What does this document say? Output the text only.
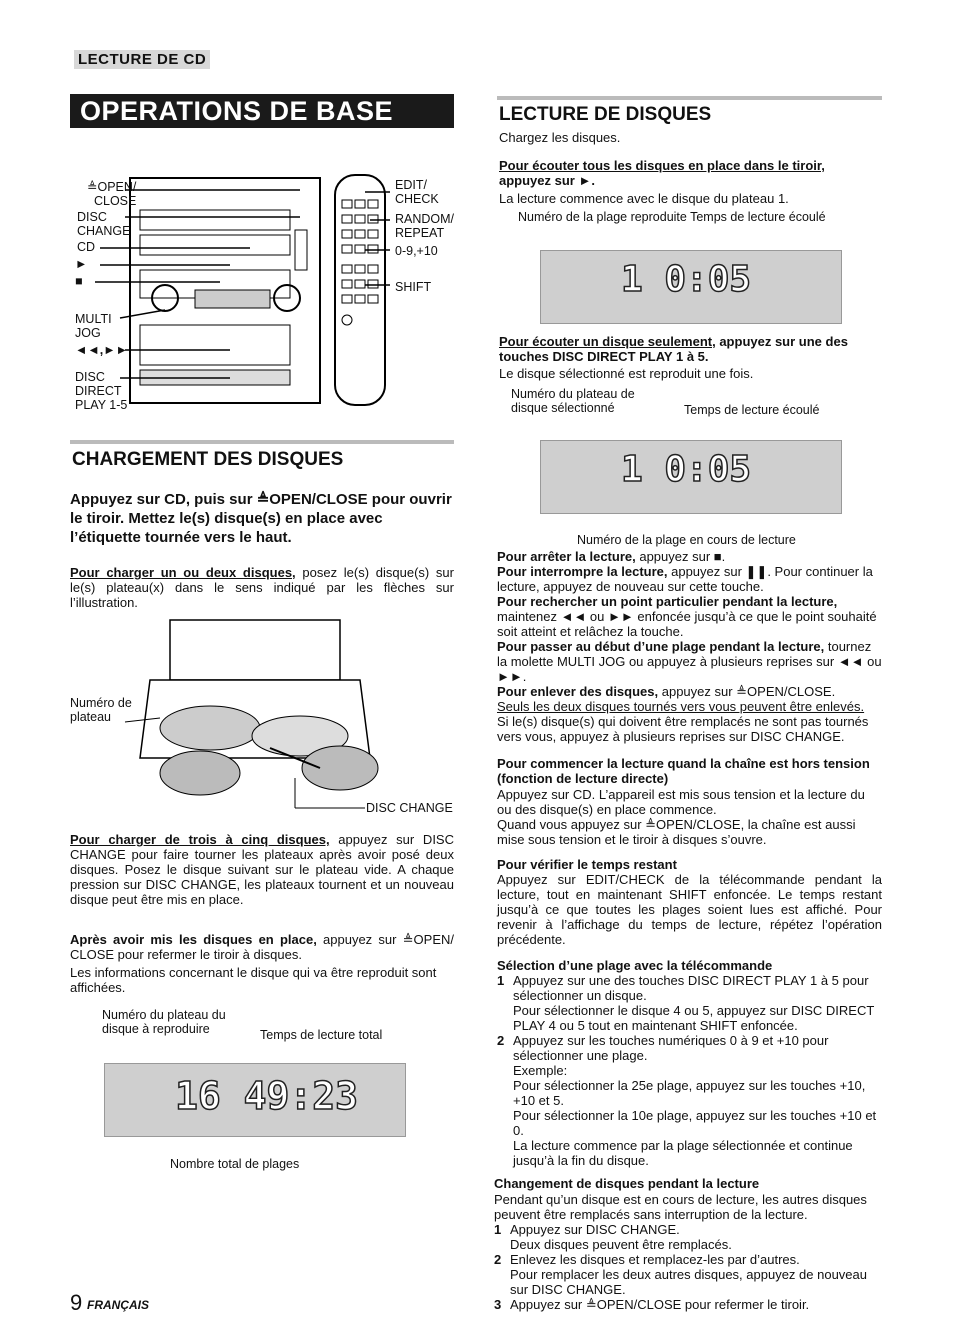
LECTURE DE CD
OPERATIONS DE BASE
≜OPEN/
CLOSE
DISC
CHANGE
CD
►
■
MULTI
JOG
◄◄,►►
DISC
DIRECT
PLAY 1-5
EDIT/
CHECK
RANDOM/
REPEAT
0-9,+10
SHIFT
CHARGEMENT DES DISQUES

Appuyez sur CD, puis sur ≜OPEN/CLOSE pour ouvrir le tiroir. Mettez le(s) disque(s) en place avec l’étiquette tournée vers le haut.

Pour charger un ou deux disques, posez le(s) disque(s) sur le(s) plateau(x) dans le sens indiqué par les flèches sur l’illustration.

Numéro de
plateau
DISC CHANGE

Pour charger de trois à cinq disques, appuyez sur DISC CHANGE pour faire tourner les plateaux après avoir posé deux disques. Posez le disque suivant sur le plateau vide. A chaque pression sur DISC CHANGE, les plateaux tournent et un nouveau disque peut être mis en place.

Après avoir mis les disques en place, appuyez sur ≜OPEN/ CLOSE pour refermer le tiroir à disques.

Les informations concernant le disque qui va être reproduit sont affichées.

Numéro du plateau du
disque à reproduire	Temps de lecture total
16 49:23
Nombre total de plages
LECTURE DE DISQUES

Chargez les disques.

Pour écouter tous les disques en place dans le tiroir,
appuyez sur ►.

La lecture commence avec le disque du plateau 1.

Numéro de la plage reproduite Temps de lecture écoulé
1 0:05

Pour écouter un disque seulement, appuyez sur une des touches DISC DIRECT PLAY 1 à 5.

Le disque sélectionné est reproduit une fois.

Numéro du plateau de
disque sélectionné	Temps de lecture écoulé
1 0:05
Numéro de la plage en cours de lecture

Pour arrêter la lecture, appuyez sur ■.

Pour interrompre la lecture, appuyez sur ❚❚. Pour continuer la lecture, appuyez de nouveau sur cette touche.

Pour rechercher un point particulier pendant la lecture, maintenez ◄◄ ou ►► enfoncée jusqu’à ce que le point souhaité soit atteint et relâchez la touche.

Pour passer au début d’une plage pendant la lecture, tournez la molette MULTI JOG ou appuyez à plusieurs reprises sur ◄◄ ou ►►.

Pour enlever des disques, appuyez sur ≜OPEN/CLOSE.

Seuls les deux disques tournés vers vous peuvent être enlevés.

Si le(s) disque(s) qui doivent être remplacés ne sont pas tournés vers vous, appuyez à plusieurs reprises sur DISC CHANGE.

Pour commencer la lecture quand la chaîne est hors tension (fonction de lecture directe)

Appuyez sur CD. L’appareil est mis sous tension et la lecture du ou des disque(s) en place commence.
Quand vous appuyez sur ≜OPEN/CLOSE, la chaîne est aussi mise sous tension et le tiroir à disques s’ouvre.

Pour vérifier le temps restant

Appuyez sur EDIT/CHECK de la télécommande pendant la lecture, tout en maintenant SHIFT enfoncée. Le temps restant jusqu’à ce que toutes les plages soient lues est affiché. Pour revenir à l’affichage du temps de lecture, répétez l’opération précédente.

Sélection d’une plage avec la télécommande

1 Appuyez sur une des touches DISC DIRECT PLAY 1 à 5 pour sélectionner un disque.
Pour sélectionner le disque 4 ou 5, appuyez sur DISC DIRECT PLAY 4 ou 5 tout en maintenant SHIFT enfoncée.
2 Appuyez sur les touches numériques 0 à 9 et +10 pour sélectionner une plage.
Exemple:
Pour sélectionner la 25e plage, appuyez sur les touches +10, +10 et 5.
Pour sélectionner la 10e plage, appuyez sur les touches +10 et 0.
La lecture commence par la plage sélectionnée et continue jusqu’à la fin du disque.

Changement de disques pendant la lecture

Pendant qu’un disque est en cours de lecture, les autres disques peuvent être remplacés sans interruption de la lecture.

1 Appuyez sur DISC CHANGE.
Deux disques peuvent être remplacés.
2 Enlevez les disques et remplacez-les par d’autres.
Pour remplacer les deux autres disques, appuyez de nouveau sur DISC CHANGE.
3 Appuyez sur ≜OPEN/CLOSE pour refermer le tiroir.
9 FRANÇAIS
